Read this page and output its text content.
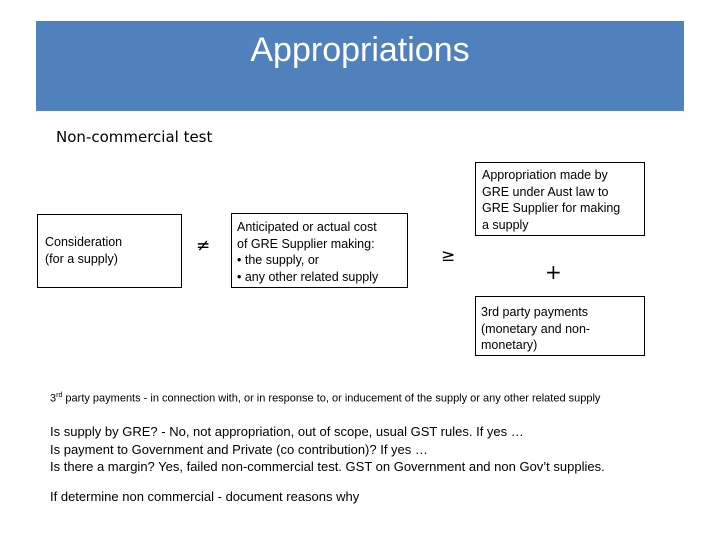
Appropriations
Non-commercial test
Consideration
(for a supply)
≠
Anticipated or actual cost
of GRE Supplier making:
• the supply, or
• any other related supply
≥
Appropriation made by
GRE under Aust law to
GRE Supplier for making
a supply
+
3rd party payments
(monetary and non-
monetary)
3rd party payments - in connection with, or in response to, or inducement of the supply or any other related supply
Is supply by GRE? - No, not appropriation, out of scope, usual GST rules. If yes …
Is payment to Government and Private (co contribution)? If yes …
Is there a margin? Yes, failed non-commercial test. GST on Government and non Gov’t supplies.
If determine non commercial - document reasons why
